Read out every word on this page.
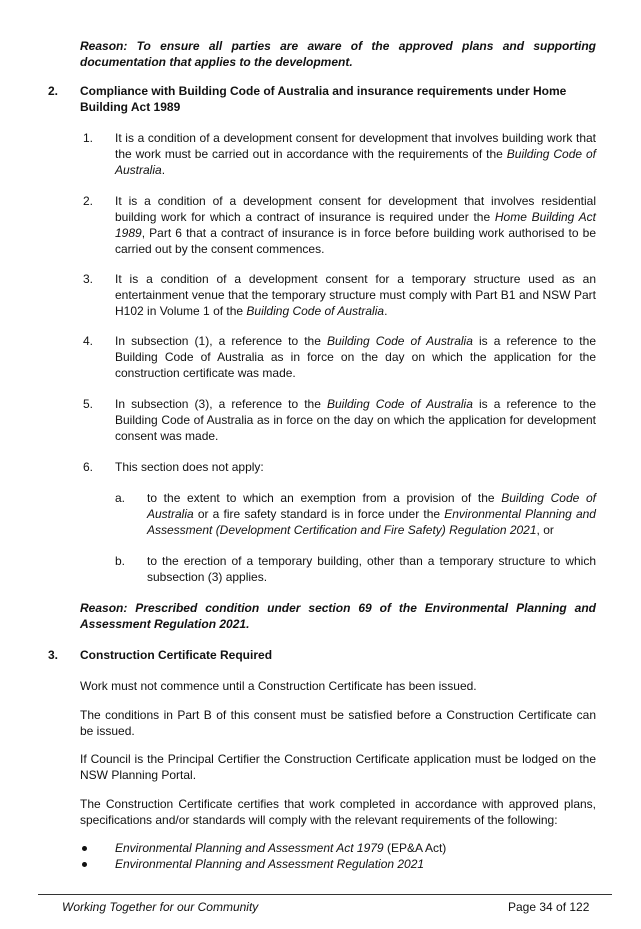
Reason: To ensure all parties are aware of the approved plans and supporting documentation that applies to the development.
2. Compliance with Building Code of Australia and insurance requirements under Home Building Act 1989
1. It is a condition of a development consent for development that involves building work that the work must be carried out in accordance with the requirements of the Building Code of Australia.
2. It is a condition of a development consent for development that involves residential building work for which a contract of insurance is required under the Home Building Act 1989, Part 6 that a contract of insurance is in force before building work authorised to be carried out by the consent commences.
3. It is a condition of a development consent for a temporary structure used as an entertainment venue that the temporary structure must comply with Part B1 and NSW Part H102 in Volume 1 of the Building Code of Australia.
4. In subsection (1), a reference to the Building Code of Australia is a reference to the Building Code of Australia as in force on the day on which the application for the construction certificate was made.
5. In subsection (3), a reference to the Building Code of Australia is a reference to the Building Code of Australia as in force on the day on which the application for development consent was made.
6. This section does not apply:
a. to the extent to which an exemption from a provision of the Building Code of Australia or a fire safety standard is in force under the Environmental Planning and Assessment (Development Certification and Fire Safety) Regulation 2021, or
b. to the erection of a temporary building, other than a temporary structure to which subsection (3) applies.
Reason: Prescribed condition under section 69 of the Environmental Planning and Assessment Regulation 2021.
3. Construction Certificate Required
Work must not commence until a Construction Certificate has been issued.
The conditions in Part B of this consent must be satisfied before a Construction Certificate can be issued.
If Council is the Principal Certifier the Construction Certificate application must be lodged on the NSW Planning Portal.
The Construction Certificate certifies that work completed in accordance with approved plans, specifications and/or standards will comply with the relevant requirements of the following:
Environmental Planning and Assessment Act 1979 (EP&A Act)
Environmental Planning and Assessment Regulation 2021
Working Together for our Community	Page 34 of 122
